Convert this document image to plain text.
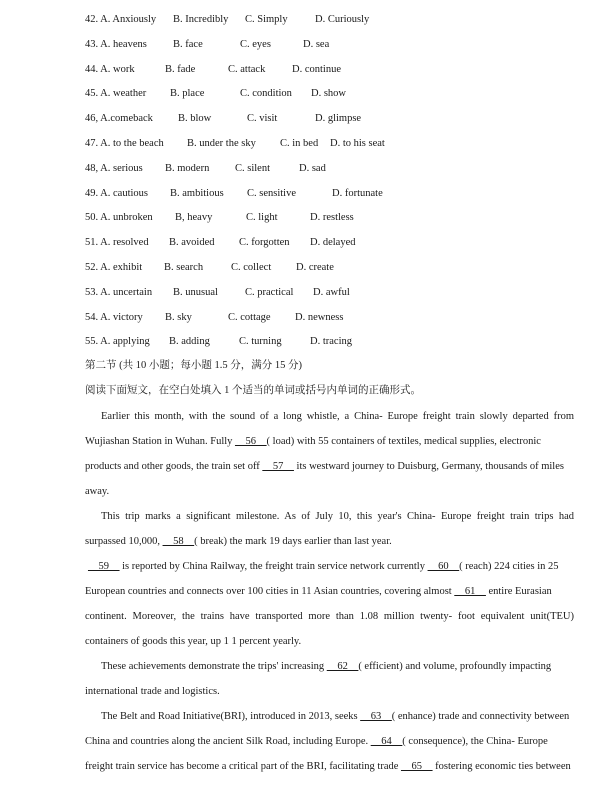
42. A. Anxiously B. Incredibly C. Simply	D. Curiously
43. A. heavens B. face	C. eyes	D. sea
44. A. work	B. fade	C. attack	D. continue
45. A. weather B. place	C. condition D. show
46, A.comeback B. blow	C. visit	D. glimpse
47. A. to the beach B. under the sky C. in bed D. to his seat
48, A. serious B. modern C. silent	D. sad
49. A. cautious B. ambitious C. sensitive	D. fortunate
50. A. unbroken B, heavy	C. light	D. restless
51. A. resolved B. avoided C. forgotten D. delayed
52. A. exhibit B. search	C. collect D. create
53. A. uncertain B. unusual	C. practical D. awful
54. A. victory B. sky	C. cottage D. newness
55. A. applying B. adding	C. turning	D. tracing
第二节 (共 10 小题；每小题 1.5 分，满分 15 分)
阅读下面短文，在空白处填入 1 个适当的单词或括号内单词的正确形式。
Earlier this month, with the sound of a long whistle, a China- Europe freight train slowly departed from
Wujiashan Station in Wuhan. Fully __56__( load) with 55 containers of textiles, medical supplies, electronic
products and other goods, the train set off __57__ its westward journey to Duisburg, Germany, thousands of miles
away.
This trip marks a significant milestone. As of July 10, this year's China- Europe freight train trips had
surpassed 10,000, __58__( break) the mark 19 days earlier than last year.
__59__ is reported by China Railway, the freight train service network currently __60__( reach) 224 cities in 25
European countries and connects over 100 cities in 11 Asian countries, covering almost __61__ entire Eurasian
continent. Moreover, the trains have transported more than 1.08 million twenty- foot equivalent unit(TEU)
containers of goods this year, up 1 1 percent yearly.
These achievements demonstrate the trips' increasing __62__( efficient) and volume, profoundly impacting
international trade and logistics.
The Belt and Road Initiative(BRI), introduced in 2013, seeks __63__( enhance) trade and connectivity between
China and countries along the ancient Silk Road, including Europe. __64__( consequence), the China- Europe
freight train service has become a critical part of the BRI, facilitating trade __65__ fostering economic ties between
